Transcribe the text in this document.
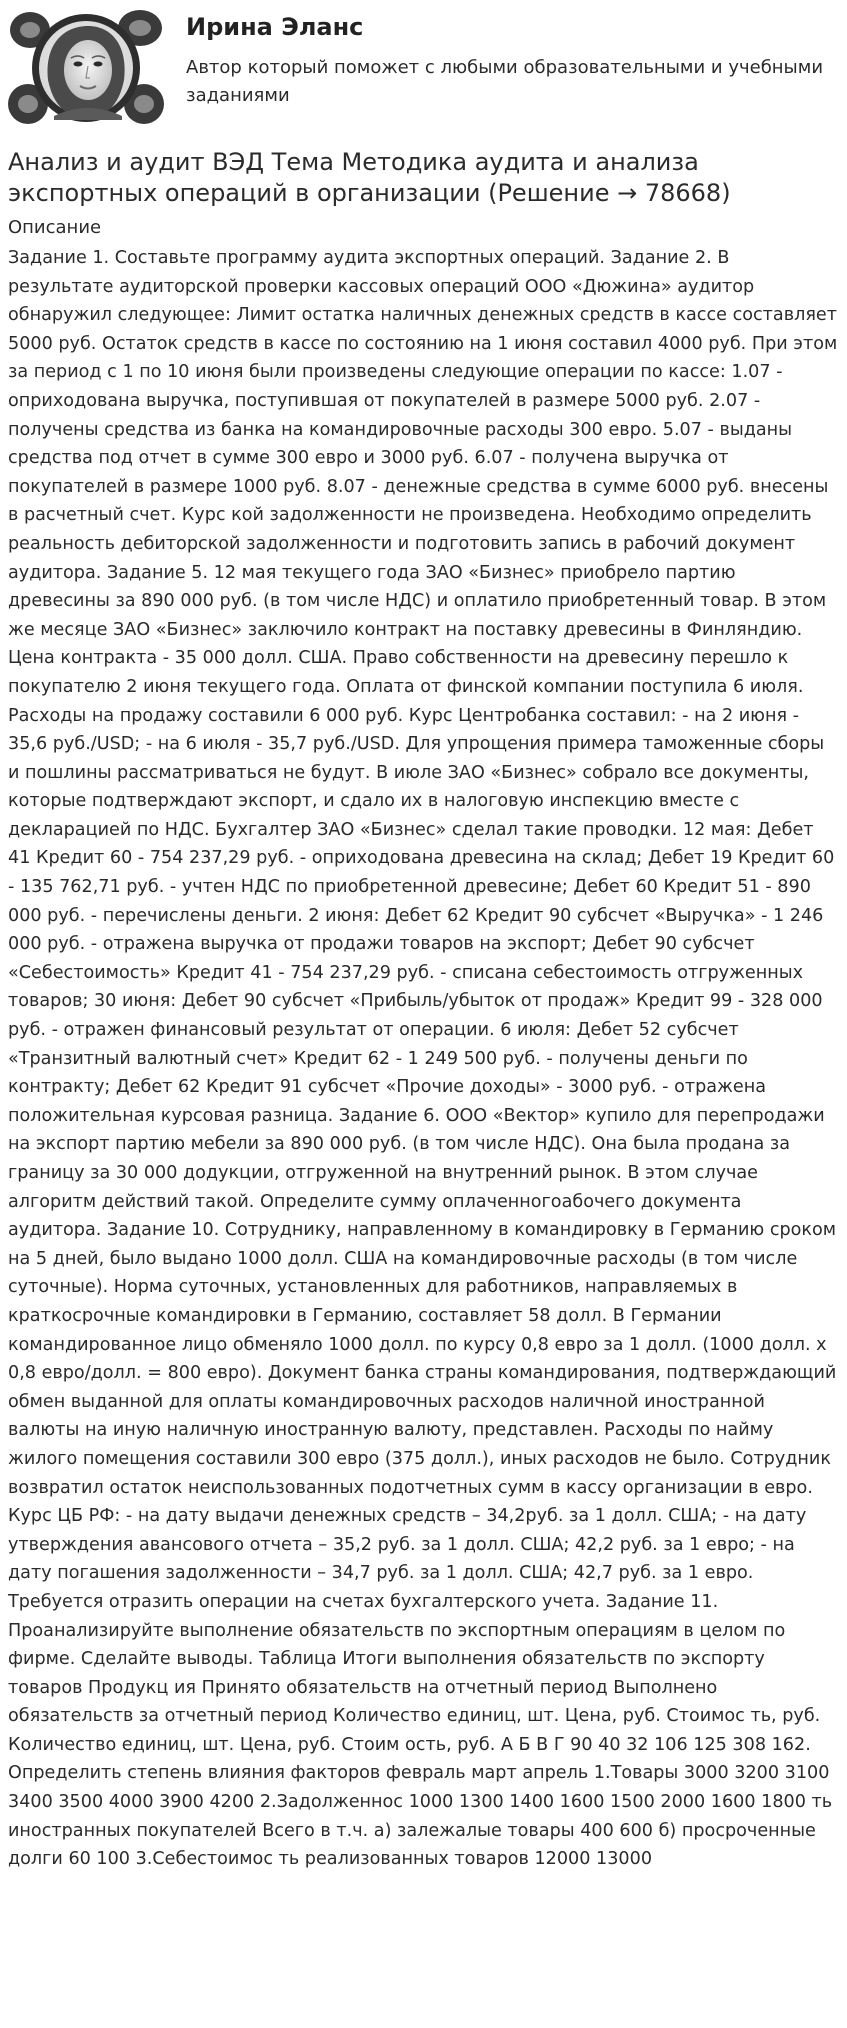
Ирина Эланс
Автор который поможет с любыми образовательными и учебными заданиями
Анализ и аудит ВЭД Тема Методика аудита и анализа экспортных операций в организации (Решение → 78668)
Описание

Задание 1. Составьте программу аудита экспортных операций. Задание 2. В результате аудиторской проверки кассовых операций ООО «Дюжина» аудитор обнаружил следующее: Лимит остатка наличных денежных средств в кассе составляет 5000 руб. Остаток средств в кассе по состоянию на 1 июня составил 4000 руб. При этом за период с 1 по 10 июня были произведены следующие операции по кассе: 1.07 - оприходована выручка, поступившая от покупателей в размере 5000 руб. 2.07 - получены средства из банка на командировочные расходы 300 евро. 5.07 - выданы средства под отчет в сумме 300 евро и 3000 руб. 6.07 - получена выручка от покупателей в размере 1000 руб. 8.07 - денежные средства в сумме 6000 руб. внесены в расчетный счет. Курс кой задолженности не произведена. Необходимо определить реальность дебиторской задолженности и подготовить запись в рабочий документ аудитора. Задание 5. 12 мая текущего года ЗАО «Бизнес» приобрело партию древесины за 890 000 руб. (в том числе НДС) и оплатило приобретенный товар. В этом же месяце ЗАО «Бизнес» заключило контракт на поставку древесины в Финляндию. Цена контракта - 35 000 долл. США. Право собственности на древесину перешло к покупателю 2 июня текущего года. Оплата от финской компании поступила 6 июля. Расходы на продажу составили 6 000 руб. Курс Центробанка составил: - на 2 июня - 35,6 руб./USD; - на 6 июля - 35,7 руб./USD. Для упрощения примера таможенные сборы и пошлины рассматриваться не будут. В июле ЗАО «Бизнес» собрало все документы, которые подтверждают экспорт, и сдало их в налоговую инспекцию вместе с декларацией по НДС. Бухгалтер ЗАО «Бизнес» сделал такие проводки. 12 мая: Дебет 41 Кредит 60 - 754 237,29 руб. - оприходована древесина на склад; Дебет 19 Кредит 60 - 135 762,71 руб. - учтен НДС по приобретенной древесине; Дебет 60 Кредит 51 - 890 000 руб. - перечислены деньги. 2 июня: Дебет 62 Кредит 90 субсчет «Выручка» - 1 246 000 руб. - отражена выручка от продажи товаров на экспорт; Дебет 90 субсчет «Себестоимость» Кредит 41 - 754 237,29 руб. - списана себестоимость отгруженных товаров; 30 июня: Дебет 90 субсчет «Прибыль/убыток от продаж» Кредит 99 - 328 000 руб. - отражен финансовый результат от операции. 6 июля: Дебет 52 субсчет «Транзитный валютный счет» Кредит 62 - 1 249 500 руб. - получены деньги по контракту; Дебет 62 Кредит 91 субсчет «Прочие доходы» - 3000 руб. - отражена положительная курсовая разница. Задание 6. ООО «Вектор» купило для перепродажи на экспорт партию мебели за 890 000 руб. (в том числе НДС). Она была продана за границу за 30 000 додукции, отгруженной на внутренний рынок. В этом случае алгоритм действий такой. Определите сумму оплаченногоабочего документа аудитора. Задание 10. Сотруднику, направленному в командировку в Германию сроком на 5 дней, было выдано 1000 долл. США на командировочные расходы (в том числе суточные). Норма суточных, установленных для работников, направляемых в краткосрочные командировки в Германию, составляет 58 долл. В Германии командированное лицо обменяло 1000 долл. по курсу 0,8 евро за 1 долл. (1000 долл. х 0,8 евро/долл. = 800 евро). Документ банка страны командирования, подтверждающий обмен выданной для оплаты командировочных расходов наличной иностранной валюты на иную наличную иностранную валюту, представлен. Расходы по найму жилого помещения составили 300 евро (375 долл.), иных расходов не было. Сотрудник возвратил остаток неиспользованных подотчетных сумм в кассу организации в евро. Курс ЦБ РФ: - на дату выдачи денежных средств – 34,2руб. за 1 долл. США; - на дату утверждения авансового отчета – 35,2 руб. за 1 долл. США; 42,2 руб. за 1 евро; - на дату погашения задолженности – 34,7 руб. за 1 долл. США; 42,7 руб. за 1 евро. Требуется отразить операции на счетах бухгалтерского учета. Задание 11. Проанализируйте выполнение обязательств по экспортным операциям в целом по фирме. Сделайте выводы. Таблица Итоги выполнения обязательств по экспорту товаров Продукц ия Принято обязательств на отчетный период Выполнено обязательств за отчетный период Количество единиц, шт. Цена, руб. Стоимос ть, руб. Количество единиц, шт. Цена, руб. Стоим ость, руб. А Б В Г 90 40 32 106 125 308 162. Определить степень влияния факторов февраль март апрель 1.Товары 3000 3200 3100 3400 3500 4000 3900 4200 2.Задолженнос 1000 1300 1400 1600 1500 2000 1600 1800 ть иностранных покупателей Всего в т.ч. а) залежалые товары 400 600 б) просроченные долги 60 100 3.Себестоимос ть реализованных товаров 12000 13000
